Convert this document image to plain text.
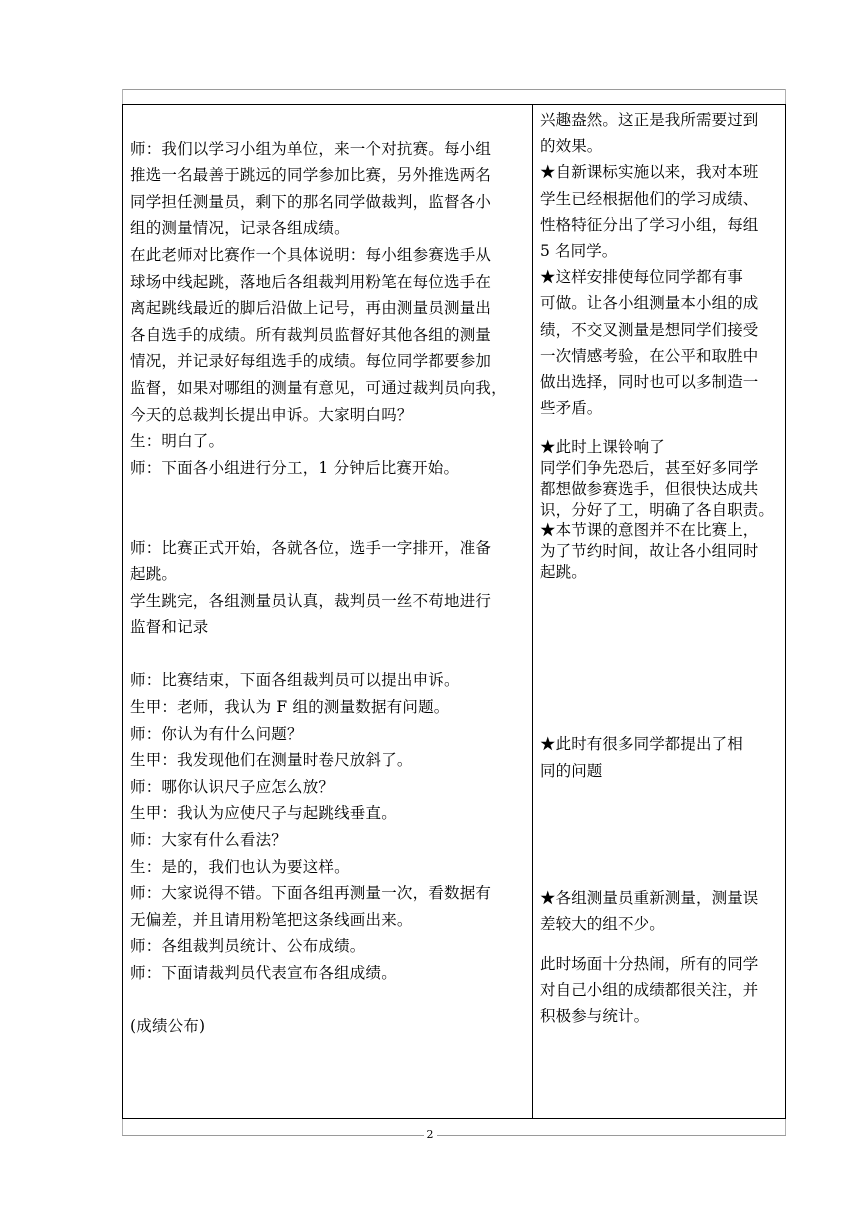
师：我们以学习小组为单位，来一个对抗赛。每小组
推选一名最善于跳远的同学参加比赛，另外推选两名
同学担任测量员，剩下的那名同学做裁判，监督各小
组的测量情况，记录各组成绩。
在此老师对比赛作一个具体说明：每小组参赛选手从
球场中线起跳，落地后各组裁判用粉笔在每位选手在
离起跳线最近的脚后沿做上记号，再由测量员测量出
各自选手的成绩。所有裁判员监督好其他各组的测量
情况，并记录好每组选手的成绩。每位同学都要参加
监督，如果对哪组的测量有意见，可通过裁判员向我，
今天的总裁判长提出申诉。大家明白吗？
生：明白了。
师：下面各小组进行分工，1 分钟后比赛开始。
师：比赛正式开始，各就各位，选手一字排开，准备
起跳。
学生跳完，各组测量员认真，裁判员一丝不苟地进行
监督和记录
师：比赛结束，下面各组裁判员可以提出申诉。
生甲：老师，我认为 F 组的测量数据有问题。
师：你认为有什么问题？
生甲：我发现他们在测量时卷尺放斜了。
师：哪你认识尺子应怎么放？
生甲：我认为应使尺子与起跳线垂直。
师：大家有什么看法？
生：是的，我们也认为要这样。
师：大家说得不错。下面各组再测量一次，看数据有
无偏差，并且请用粉笔把这条线画出来。
师：各组裁判员统计、公布成绩。
师：下面请裁判员代表宣布各组成绩。
(成绩公布)
兴趣盎然。这正是我所需要过到
的效果。
★自新课标实施以来，我对本班
学生已经根据他们的学习成绩、
性格特征分出了学习小组，每组
5 名同学。
★这样安排使每位同学都有事
可做。让各小组测量本小组的成
绩，不交叉测量是想同学们接受
一次情感考验，在公平和取胜中
做出选择，同时也可以多制造一
些矛盾。
★此时上课铃响了
同学们争先恐后，甚至好多同学
都想做参赛选手，但很快达成共
识，分好了工，明确了各自职责。
★本节课的意图并不在比赛上，
为了节约时间，故让各小组同时
起跳。
★此时有很多同学都提出了相
同的问题
★各组测量员重新测量，测量误
差较大的组不少。
此时场面十分热闹，所有的同学
对自己小组的成绩都很关注，并
积极参与统计。
2
